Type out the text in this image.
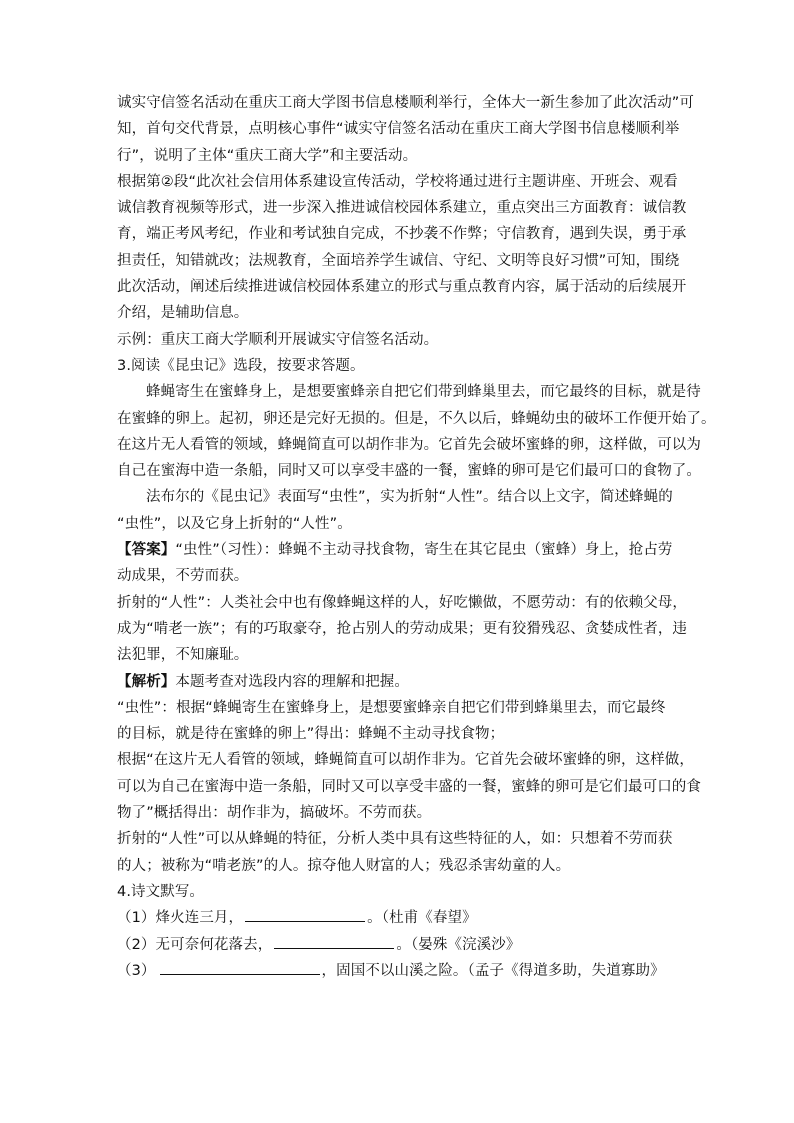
诚实守信签名活动在重庆工商大学图书信息楼顺利举行，全体大一新生参加了此次活动”可
知，首句交代背景，点明核心事件“诚实守信签名活动在重庆工商大学图书信息楼顺利举
行”，说明了主体“重庆工商大学”和主要活动。
根据第②段“此次社会信用体系建设宣传活动，学校将通过进行主题讲座、开班会、观看
诚信教育视频等形式，进一步深入推进诚信校园体系建立，重点突出三方面教育：诚信教
育，端正考风考纪，作业和考试独自完成，不抄袭不作弊；守信教育，遇到失误，勇于承
担责任，知错就改；法规教育，全面培养学生诚信、守纪、文明等良好习惯”可知，围绕
此次活动，阐述后续推进诚信校园体系建立的形式与重点教育内容，属于活动的后续展开
介绍，是辅助信息。
示例：重庆工商大学顺利开展诚实守信签名活动。
3.阅读《昆虫记》选段，按要求答题。
蜂蝇寄生在蜜蜂身上，是想要蜜蜂亲自把它们带到蜂巢里去，而它最终的目标，就是待
在蜜蜂的卵上。起初，卵还是完好无损的。但是，不久以后，蜂蝇幼虫的破坏工作便开始了。
在这片无人看管的领域，蜂蝇简直可以胡作非为。它首先会破坏蜜蜂的卵，这样做，可以为
自己在蜜海中造一条船，同时又可以享受丰盛的一餐，蜜蜂的卵可是它们最可口的食物了。
法布尔的《昆虫记》表面写“虫性”，实为折射“人性”。结合以上文字，简述蜂蝇的
“虫性”，以及它身上折射的“人性”。
【答案】“虫性”（习性）：蜂蝇不主动寻找食物，寄生在其它昆虫（蜜蜂）身上，抢占劳
动成果，不劳而获。
折射的“人性”：人类社会中也有像蜂蝇这样的人，好吃懒做，不愿劳动：有的依赖父母，
成为“啃老一族”；有的巧取豪夺，抢占别人的劳动成果；更有狡猾残忍、贪婪成性者，违
法犯罪，不知廉耻。
【解析】本题考查对选段内容的理解和把握。
“虫性”：根据“蜂蝇寄生在蜜蜂身上，是想要蜜蜂亲自把它们带到蜂巢里去，而它最终
的目标，就是待在蜜蜂的卵上”得出：蜂蝇不主动寻找食物；
根据“在这片无人看管的领域，蜂蝇简直可以胡作非为。它首先会破坏蜜蜂的卵，这样做，
可以为自己在蜜海中造一条船，同时又可以享受丰盛的一餐，蜜蜂的卵可是它们最可口的食
物了”概括得出：胡作非为，搞破坏。不劳而获。
折射的“人性”可以从蜂蝇的特征，分析人类中具有这些特征的人，如：只想着不劳而获
的人；被称为“啃老族”的人。掠夺他人财富的人；残忍杀害幼童的人。
4.诗文默写。
（1）烽火连三月，	。（杜甫《春望》
（2）无可奈何花落去，	。（晏殊《浣溪沙》
（3）	，固国不以山溪之险。（孟子《得道多助，失道寡助》
